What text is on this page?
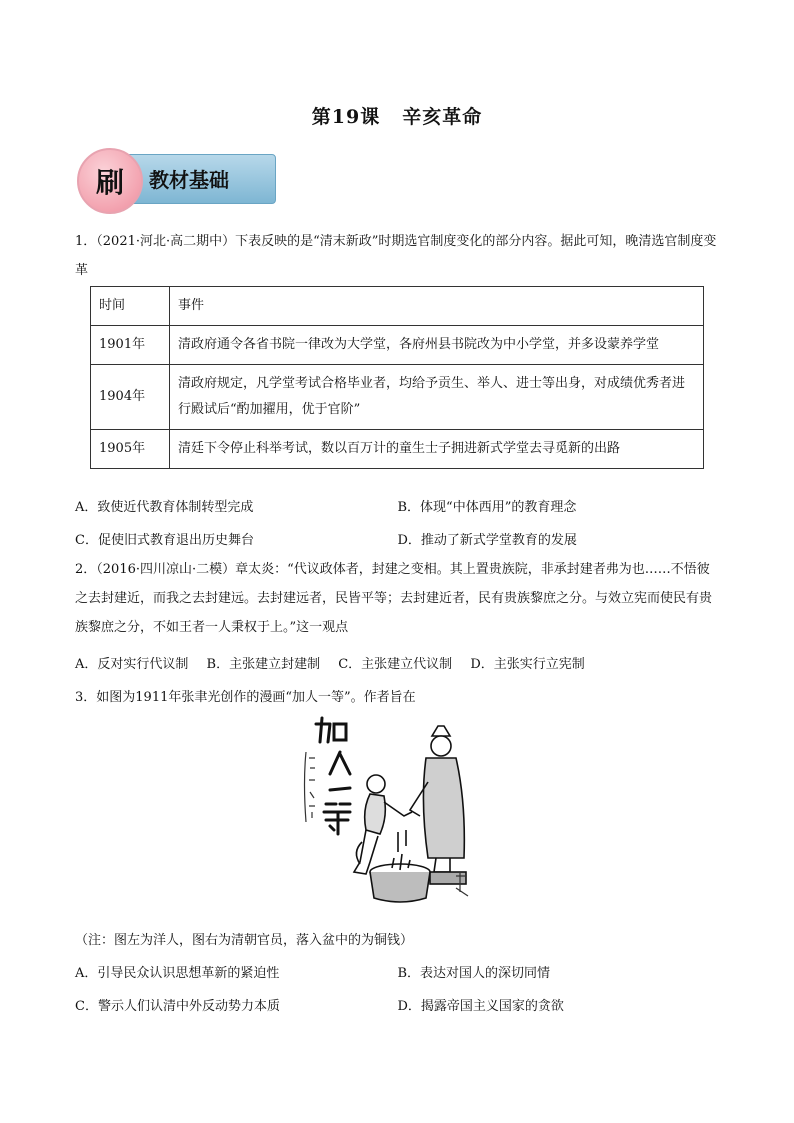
第19课 辛亥革命
刷	教材基础

1．（2021·河北·高二期中）下表反映的是“清末新政”时期选官制度变化的部分内容。据此可知，晚清选官制度变革

时间	事件
1901年	清政府通令各省书院一律改为大学堂，各府州县书院改为中小学堂，并多设蒙养学堂
1904年	清政府规定，凡学堂考试合格毕业者，均给予贡生、举人、进士等出身，对成绩优秀者进行殿试后“酌加擢用，优于官阶”
1905年	清廷下令停止科举考试，数以百万计的童生士子拥进新式学堂去寻觅新的出路
A．致使近代教育体制转型完成	B．体现“中体西用”的教育理念
C．促使旧式教育退出历史舞台	D．推动了新式学堂教育的发展

2．（2016·四川凉山·二模）章太炎：“代议政体者，封建之变相。其上置贵族院，非承封建者弗为也……不悟彼之去封建近，而我之去封建远。去封建远者，民皆平等；去封建近者，民有贵族黎庶之分。与效立宪而使民有贵族黎庶之分，不如王者一人秉权于上。”这一观点

A．反对实行代议制 B．主张建立封建制 C．主张建立代议制 D．主张实行立宪制

3．如图为1911年张聿光创作的漫画“加人一等”。作者旨在

（注：图左为洋人，图右为清朝官员，落入盆中的为铜钱）
A．引导民众认识思想革新的紧迫性	B．表达对国人的深切同情
C．警示人们认清中外反动势力本质	D．揭露帝国主义国家的贪欲
